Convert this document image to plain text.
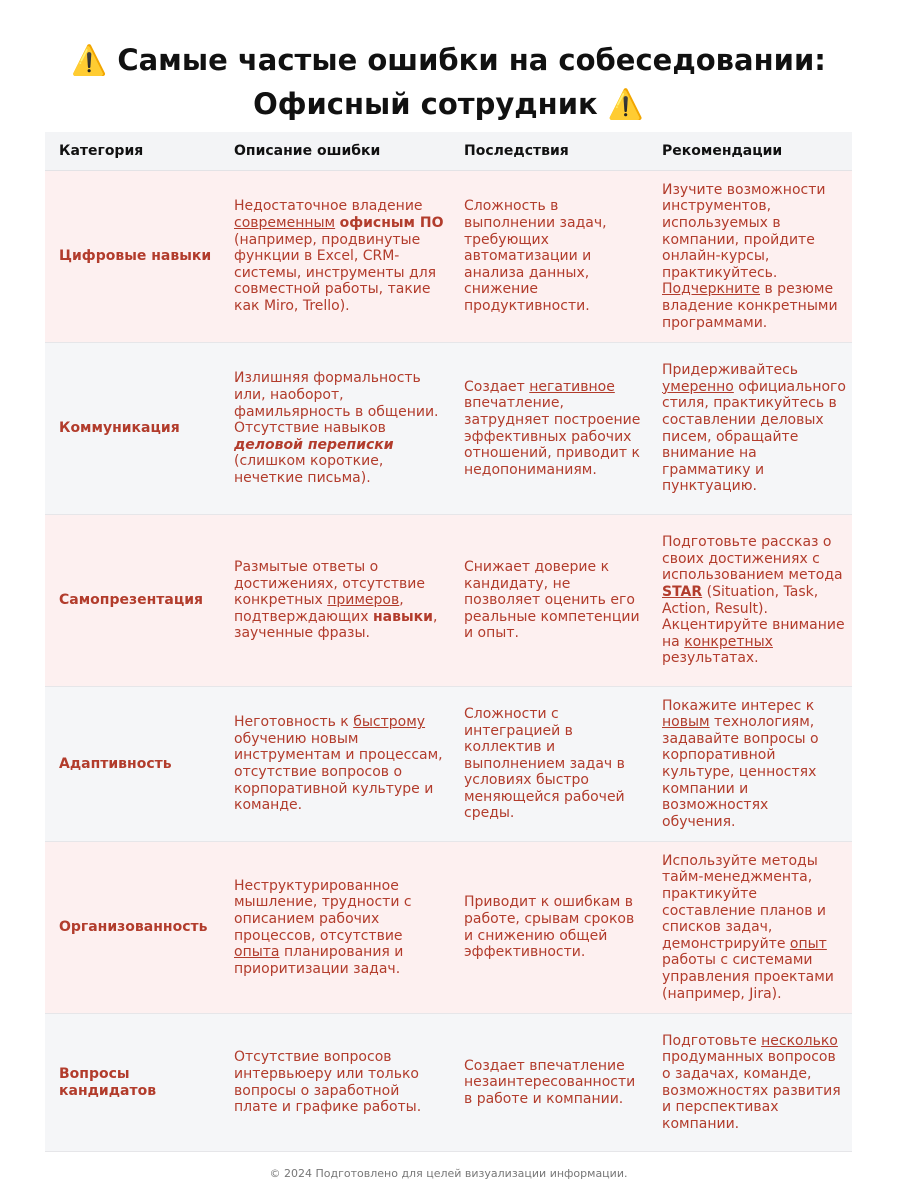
⚠️ Самые частые ошибки на собеседовании:
Офисный сотрудник ⚠️
Категория	Описание ошибки	Последствия	Рекомендации
Цифровые навыки	Недостаточное владение современным офисным ПО (например, продвинутые функции в Excel, CRM-системы, инструменты для совместной работы, такие как Miro, Trello).	Сложность в выполнении задач, требующих автоматизации и анализа данных, снижение продуктивности.	Изучите возможности инструментов, используемых в компании, пройдите онлайн-курсы, практикуйтесь. Подчеркните в резюме владение конкретными программами.
Коммуникация	Излишняя формальность или, наоборот, фамильярность в общении. Отсутствие навыков деловой переписки (слишком короткие, нечеткие письма).	Создает негативное впечатление, затрудняет построение эффективных рабочих отношений, приводит к недопониманиям.	Придерживайтесь умеренно официального стиля, практикуйтесь в составлении деловых писем, обращайте внимание на грамматику и пунктуацию.
Самопрезентация	Размытые ответы о достижениях, отсутствие конкретных примеров, подтверждающих навыки, заученные фразы.	Снижает доверие к кандидату, не позволяет оценить его реальные компетенции и опыт.	Подготовьте рассказ о своих достижениях с использованием метода STAR (Situation, Task, Action, Result). Акцентируйте внимание на конкретных результатах.
Адаптивность	Неготовность к быстрому обучению новым инструментам и процессам, отсутствие вопросов о корпоративной культуре и команде.	Сложности с интеграцией в коллектив и выполнением задач в условиях быстро меняющейся рабочей среды.	Покажите интерес к новым технологиям, задавайте вопросы о корпоративной культуре, ценностях компании и возможностях обучения.
Организованность	Неструктурированное мышление, трудности с описанием рабочих процессов, отсутствие опыта планирования и приоритизации задач.	Приводит к ошибкам в работе, срывам сроков и снижению общей эффективности.	Используйте методы тайм-менеджмента, практикуйте составление планов и списков задач, демонстрируйте опыт работы с системами управления проектами (например, Jira).
Вопросы кандидатов	Отсутствие вопросов интервьюеру или только вопросы о заработной плате и графике работы.	Создает впечатление незаинтересованности в работе и компании.	Подготовьте несколько продуманных вопросов о задачах, команде, возможностях развития и перспективах компании.
© 2024 Подготовлено для целей визуализации информации.
